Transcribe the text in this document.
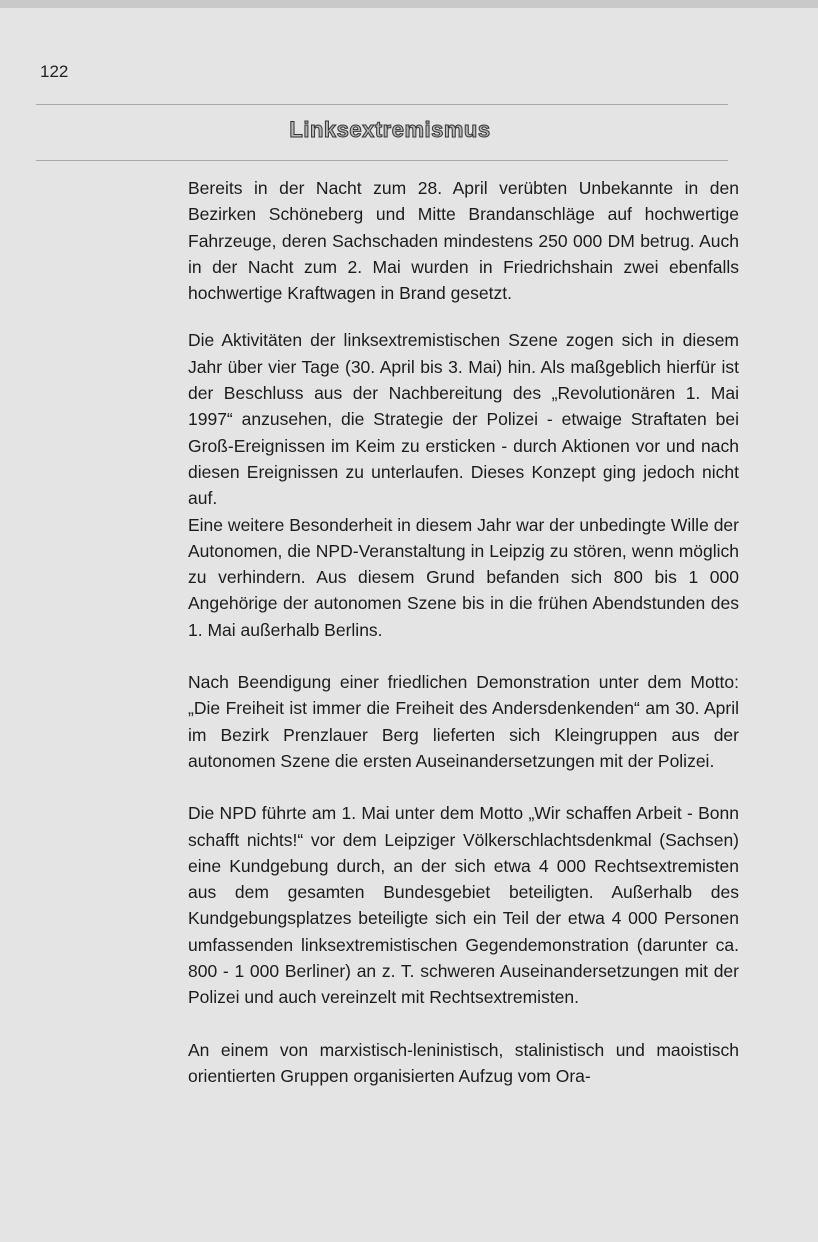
122
Linksextremismus

Bereits in der Nacht zum 28. April verübten Unbekannte in den Bezirken Schöneberg und Mitte Brandanschläge auf hochwertige Fahrzeuge, deren Sachschaden mindestens 250 000 DM betrug. Auch in der Nacht zum 2. Mai wurden in Friedrichshain zwei ebenfalls hochwertige Kraftwagen in Brand gesetzt.

Die Aktivitäten der linksextremistischen Szene zogen sich in diesem Jahr über vier Tage (30. April bis 3. Mai) hin. Als maßgeblich hierfür ist der Beschluss aus der Nachbereitung des „Revolutionären 1. Mai 1997“ anzusehen, die Strategie der Polizei - etwaige Straftaten bei Groß-Ereignissen im Keim zu ersticken - durch Aktionen vor und nach diesen Ereignissen zu unterlaufen. Dieses Konzept ging jedoch nicht auf.

Eine weitere Besonderheit in diesem Jahr war der unbedingte Wille der Autonomen, die NPD-Veranstaltung in Leipzig zu stören, wenn möglich zu verhindern. Aus diesem Grund befanden sich 800 bis 1 000 Angehörige der autonomen Szene bis in die frühen Abendstunden des 1. Mai außerhalb Berlins.

Nach Beendigung einer friedlichen Demonstration unter dem Motto: „Die Freiheit ist immer die Freiheit des Andersdenkenden“ am 30. April im Bezirk Prenzlauer Berg lieferten sich Kleingruppen aus der autonomen Szene die ersten Auseinandersetzungen mit der Polizei.

Die NPD führte am 1. Mai unter dem Motto „Wir schaffen Arbeit - Bonn schafft nichts!“ vor dem Leipziger Völkerschlachtsdenkmal (Sachsen) eine Kundgebung durch, an der sich etwa 4 000 Rechtsextremisten aus dem gesamten Bundesgebiet beteiligten. Außerhalb des Kundgebungsplatzes beteiligte sich ein Teil der etwa 4 000 Personen umfassenden linksextremistischen Gegendemonstration (darunter ca. 800 - 1 000 Berliner) an z. T. schweren Auseinandersetzungen mit der Polizei und auch vereinzelt mit Rechtsextremisten.

An einem von marxistisch-leninistisch, stalinistisch und maoistisch orientierten Gruppen organisierten Aufzug vom Ora-
